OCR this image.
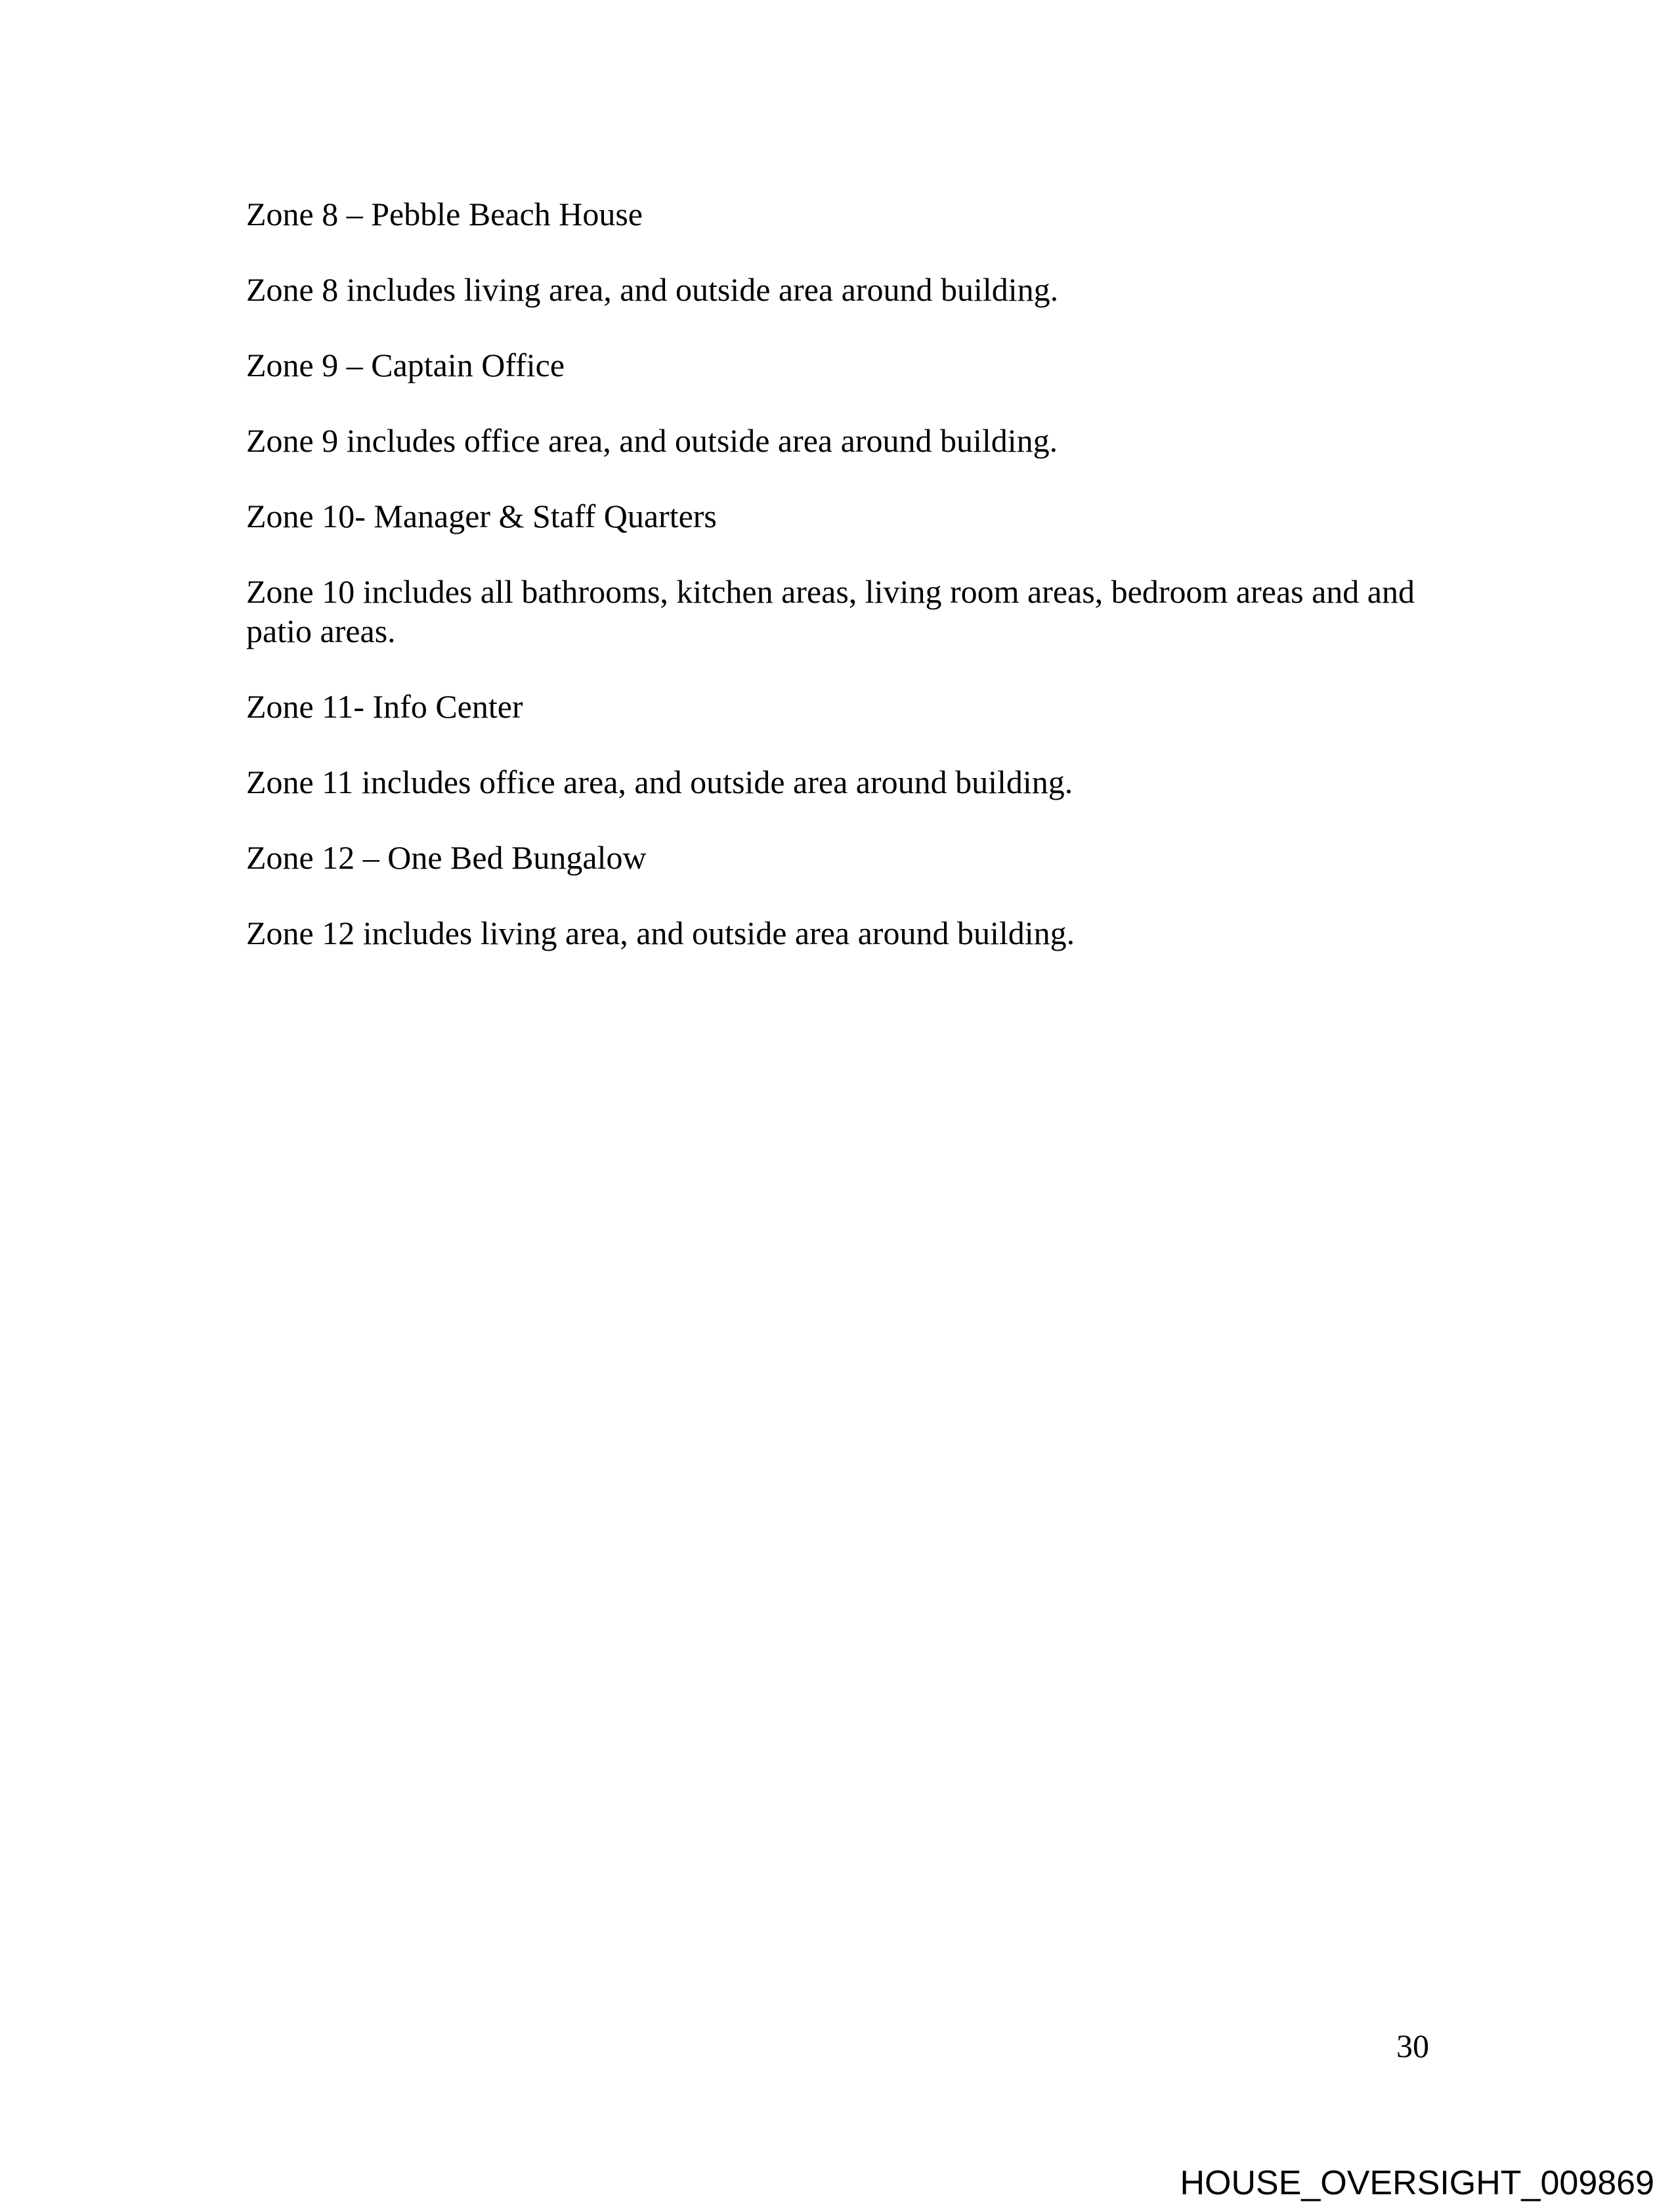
Zone 8 – Pebble Beach House

Zone 8 includes living area, and outside area around building.

Zone 9 – Captain Office

Zone 9 includes office area, and outside area around building.

Zone 10- Manager & Staff Quarters

Zone 10 includes all bathrooms, kitchen areas, living room areas, bedroom areas and and patio areas.

Zone 11- Info Center

Zone 11 includes office area, and outside area around building.

Zone 12 – One Bed Bungalow

Zone 12 includes living area, and outside area around building.

30
HOUSE_OVERSIGHT_009869
